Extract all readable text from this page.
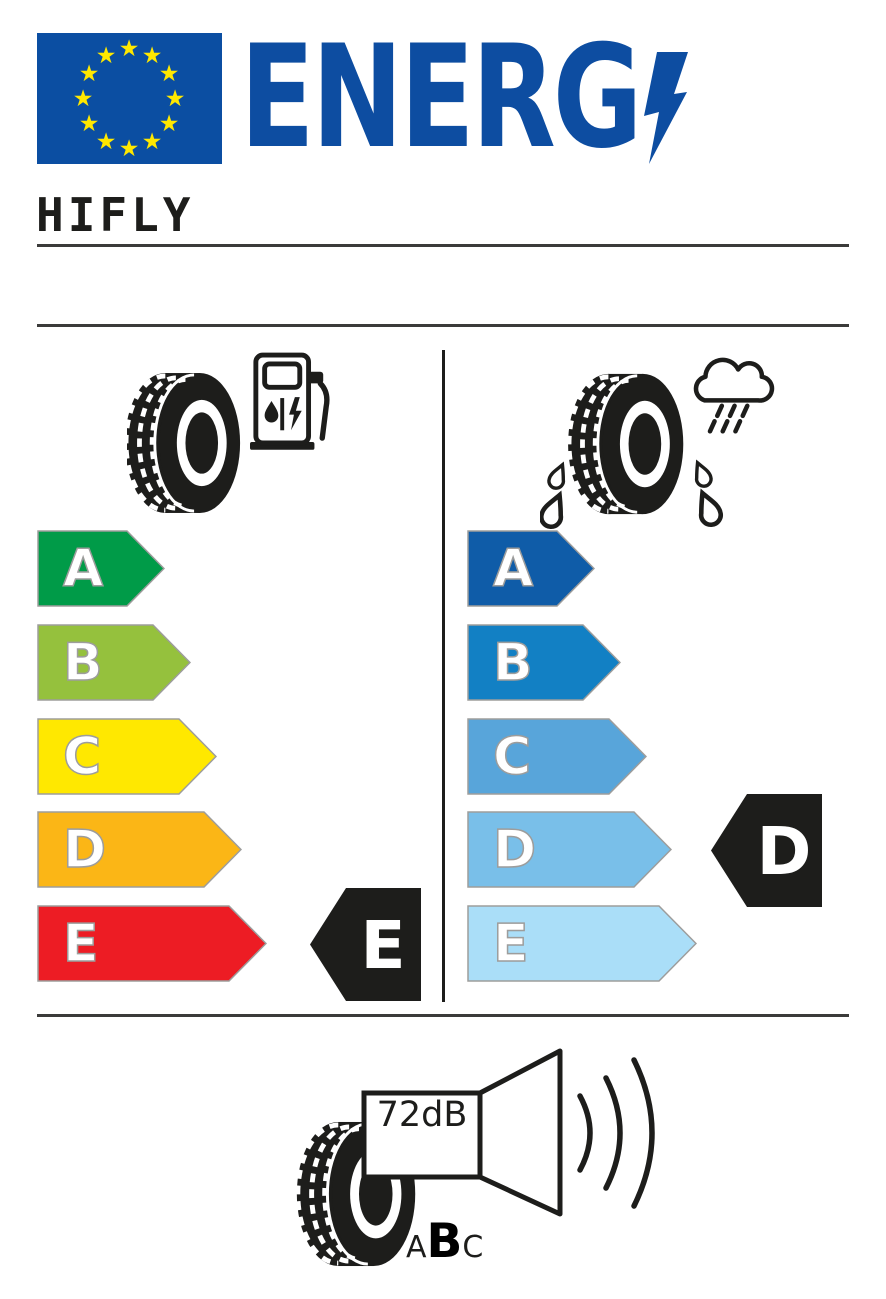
★ ★
★
★
★
★
★
★
★
★
★
★ ENERG
HIFLY
A
B
C
D
E	E
A
B
C
D
E
D
72dB
A B C
